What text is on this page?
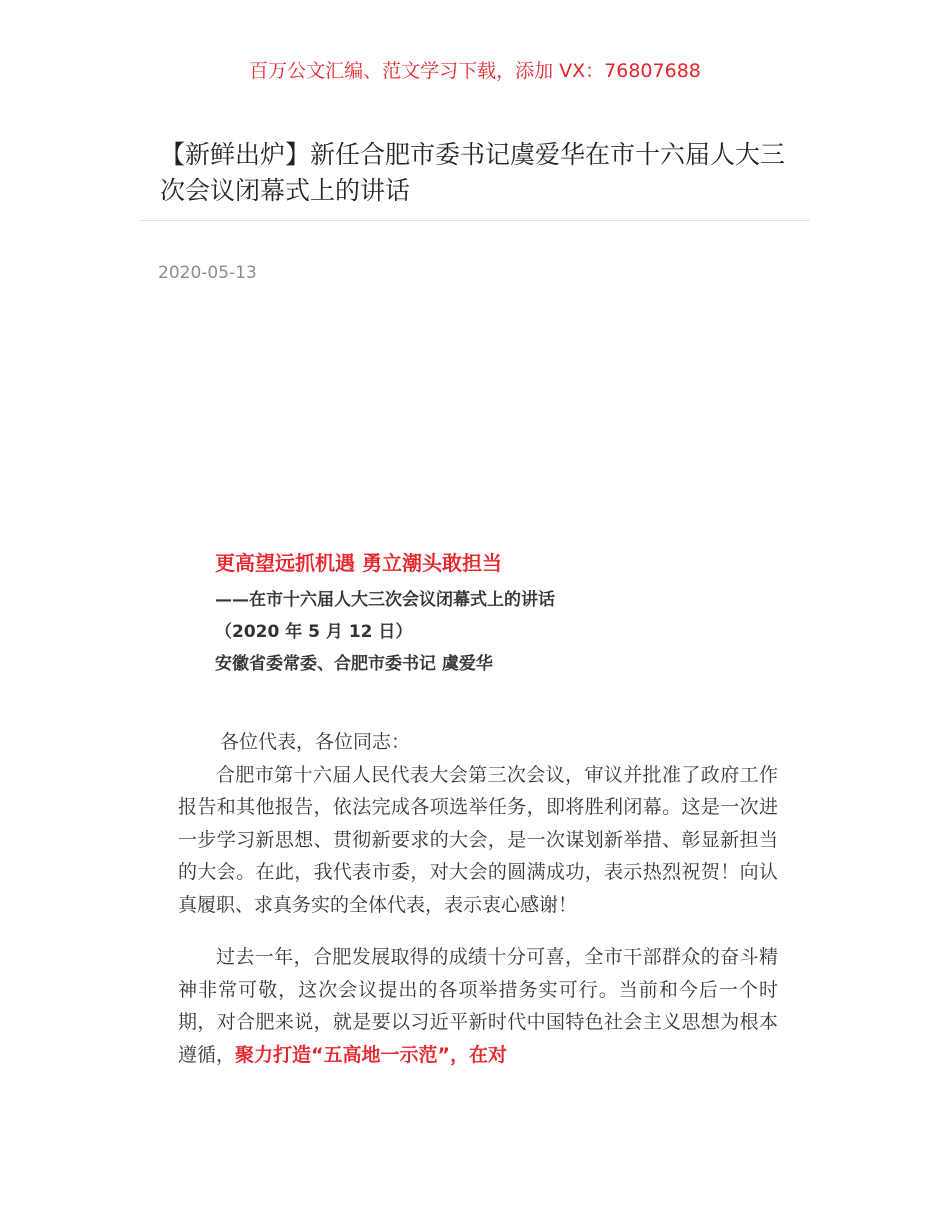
百万公文汇编、范文学习下载，添加 VX：76807688
【新鲜出炉】新任合肥市委书记虞爱华在市十六届人大三次会议闭幕式上的讲话
2020-05-13
更高望远抓机遇 勇立潮头敢担当
——在市十六届人大三次会议闭幕式上的讲话
（2020 年 5 月 12 日）
安徽省委常委、合肥市委书记 虞爱华
各位代表，各位同志：

合肥市第十六届人民代表大会第三次会议，审议并批准了政府工作报告和其他报告，依法完成各项选举任务，即将胜利闭幕。这是一次进一步学习新思想、贯彻新要求的大会，是一次谋划新举措、彰显新担当的大会。在此，我代表市委，对大会的圆满成功，表示热烈祝贺！向认真履职、求真务实的全体代表，表示衷心感谢！

过去一年，合肥发展取得的成绩十分可喜，全市干部群众的奋斗精神非常可敬，这次会议提出的各项举措务实可行。当前和今后一个时期，对合肥来说，就是要以习近平新时代中国特色社会主义思想为根本遵循，聚力打造“五高地一示范”，在对
